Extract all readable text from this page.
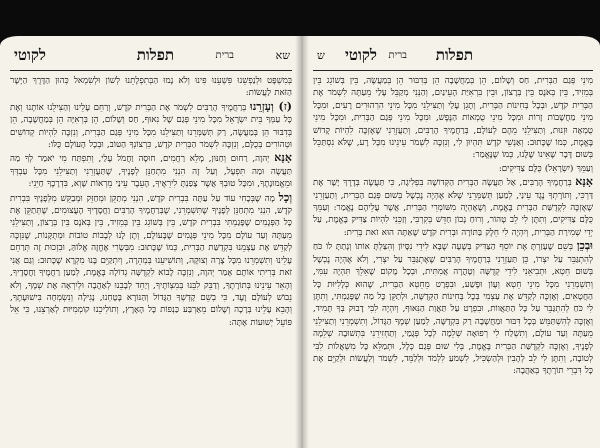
שא
ברית
תפלות
לקוטי

בְּמִשְׁפָּט וּלְנַפְשֵׁנוּ פִּשְׁעֵנוּ פִּינוּ וְלֹא נָמוּ הַבְּתִפְלָתֵנוּ לְשׁוֹן וּלְשִׂמְאל כְּהוּן הַדֶּרֶךְ הַיָּשָׁר הַזֹּאת לַעֲשׂוֹת:

(ז) וְעָזְרֵנוּ בְּרַחֲמֶיךָ הָרַבִּים לִשְׁמֹר אֶת הַבְּרִית קֹדֶשׁ, וְרַחֵם עָלֵינוּ וְהַצִּילֵנוּ אוֹתָנוּ וְאֶת כָּל עַמְּךָ בֵּית יִשְׂרָאֵל מִכָּל מִינֵי פְּגַם שֶׁל נִאוּף, חַס וְשָׁלוֹם, הֵן בְּרְאִיָּה הֵן בְּמַחֲשָׁבָה, הֵן בְּדִבּוּר הֵן בְּמַעֲשֶׂה, רַק תְּשַׁמְּרֵנוּ וְתַצִּילֵנוּ מִכָּל מִינֵי פְּגַם הַבְּרִית, וְנִזְכֶּה לִהְיוֹת קְדוֹשִׁים וּטְהוֹרִים בְּכֻלָּם, וְנִזְכֶּה לִשְׁמֹר הַבְּרִית קֹדֶשׁ, כִּרְצוֹנְךָ הַטּוֹב, וּבְכָל הָעוֹלָם כֻּלּוֹ:

אָנָּא יְהוָה, רַחוּם וְחַנּוּן, מָלֵא רַחֲמִים, חוּסָה וַחֲמֹל עָלַי, וְתִפְתַּח מִי יֹאמַר לְךָ מַה תַּעֲשֶׂה וּמַה תִּפְעָל, וְעַל זֶה הִנְנִי מִתְחַנֵּן לְפָנֶיךָ, שֶׁתַּעֲזְרֵנִי וְתַצִּילֵנִי מִכָּל עַבְדְּךָ וּמֵאֱמוּנָתֶךָ, וּמִכָּל טוּבְךָ אֲשֶׁר צָפַנְתָּ לִירֵאֶיךָ, הָעֵבֶר עֵינַי מֵרְאוֹת שָׁוְא, בִּדְרָכֶךָ חַיֵּנִי:

וְכָל מָה שֶׁבְּכָחִי עוֹד עַל עַתָּה בִּבְרִית קֹדֶשׁ, הִנְנִי מְתַקֵּן וּמְחַזֵּק וּמְבַקֵּשׁ מִלְּפָנֶיךָ בִּבְרִית קֹדֶשׁ, הִנְנִי מִתְחַנֵּן לְפָנֶיךָ שֶׁתִּשְׁמְרֵנִי, שֶׁבְּרַחֲמֶיךָ הָרַבִּים וַחֲסָדֶיךָ הָעֲצוּמִים, שֶׁתְּתַקֵּן אֶת כָּל הַפְּגָמִים שֶׁפָּגַמְתִּי בִּבְרִית קֹדֶשׁ, בֵּין בְּשׁוֹגֵג בֵּין בְּמֵזִיד, בֵּין בְּאֹנֶס בֵּין בְּרָצוֹן, וְתַצִּילֵנִי מֵעַתָּה וְעַד עוֹלָם מִכָּל מִינֵי פְּגָמִים שֶׁבָּעוֹלָם, וְתֶן לָנוּ לְבָבוֹת טוֹבוֹת וּמְתֻקָּנוֹת, שֶׁנִּזְכֶּה לְקַדֵּשׁ אֶת עַצְמֵנוּ בִּקְדֻשַּׁת הַבְּרִית, כְּמוֹ שֶׁכָּתוּב: מִבְּשָׂרִי אֶחֱזֶה אֱלוֹהַּ, וּבִזְכוּת זֶה תְּרַחֵם עָלֵינוּ וְתִשְׁמְרֵנוּ מִכָּל צָרָה וְצוּקָה, וְתוֹשִׁיעֵנוּ בְּמְהֵרָה, וְיִתְקַיֵּם בָּנוּ מִקְרָא שֶׁכָּתוּב: וְגַם אֲנִי זֹאת בְּרִיתִי אוֹתָם אָמַר יְהוָה, וְנִזְכֶּה לָבוֹא לִקְדֻשָּׁה גְדוֹלָה בֶּאֱמֶת, לְמַעַן רַחֲמֶיךָ וַחֲסָדֶיךָ, וְהָאֵר עֵינֵינוּ בְּתוֹרָתֶךָ, וְדַבֵּק לִבֵּנוּ בְּמִצְוֹתֶיךָ, וְיַחֵד לְבָבֵנוּ לְאַהֲבָה וּלְיִרְאָה אֶת שְׁמֶךָ, וְלֹא נֵבוֹשׁ לְעוֹלָם וָעֶד, כִּי בְשֵׁם קָדְשְׁךָ הַגָּדוֹל וְהַנּוֹרָא בָּטָחְנוּ, נָגִילָה וְנִשְׂמְחָה בִּישׁוּעָתֶךָ, וְהָבֵא עָלֵינוּ בְּרָכָה וְשָׁלוֹם מֵאַרְבַּע כַּנְפוֹת כָּל הָאָרֶץ, וְתוֹלִיכֵנוּ קוֹמְמִיּוּת לְאַרְצֵנוּ, כִּי אֵל פּוֹעֵל יְשׁוּעוֹת אָתָּה:

לקוטי	תפלות
ברית
ש

מִינֵי פְּגַם הַבְּרִית, חַס וְשָׁלוֹם, הֵן בְּמַחֲשָׁבָה הֵן בְּדִבּוּר הֵן בְּמַעֲשֶׂה, בֵּין בְּשׁוֹגֵג בֵּין בְּמֵזִיד, בֵּין בְּאֹנֶס בֵּין בְּרָצוֹן, וּבֵין בִּרְאִיַּת הָעֵינַיִם, וְהַנְּנִי מְקַבֵּל עָלַי מֵעַתָּה לִשְׁמֹר אֶת הַבְּרִית קֹדֶשׁ, וּבְכָל בְּחִינוֹת הַבְּרִית, וְתָגֵן עָלַי וְתַצִּילֵנִי מִכָּל מִינֵי הִרְהוּרִים רָעִים, וּמִכָּל מִינֵי מַחֲשָׁבוֹת זָרוֹת וּמִכָּל מִינֵי טֻמְאוֹת הַנֶּפֶשׁ, וּמִכָּל מִינֵי פְּגַם הַבְּרִית, וּמִכָּל מִינֵי טֻמְאָה וּזְנוּת, וְתַצִּילֵנִי מֵהֶם לְעוֹלָם, בְּרַחֲמֶיךָ הָרַבִּים, וְתַעֲזְרֵנִי שֶׁאֶזְכֶּה לִהְיוֹת קָדוֹשׁ בֶּאֱמֶת, כְּמוֹ שֶׁכָּתוּב: וְאַנְשֵׁי קֹדֶשׁ תִּהְיוּן לִי, וְנִזְכֶּה לִשְׁמֹר עֵינֵינוּ מִכָּל רָע, שֶׁלֹּא נִסְתַּכֵּל בְּשׁוּם דָּבָר שֶׁאֵינוֹ שֶׁלָּנוּ, כְּמוֹ שֶׁנֶּאֱמַר:

וְעַמֵּךְ (יִשְׂרָאֵל) כֻּלָּם צַדִּיקִים:

אָנָּא בְּרַחֲמֶיךָ הָרַבִּים, אַל תַּעֲשֶׂה הַבְּרִית הַקְּדוֹשָׁה בִּפְלִיגָה, כִּי תַּעֲשֶׂה בְּדֶרֶךְ יָשָׁר אֶת דַּרְכִּי, וְתוֹרָתְךָ נֶגֶד עֵינַי, לְמַעַן תְּשַׁמְּרֵנִי שֶׁלֹּא אֶהְיֶה נֶכְשָׁל בְּשׁוּם פְּגַם הַבְּרִית, וְתַעַזְרֵנִי שֶׁאֶזְכֶּה לִקְדֻשַּׁת הַבְּרִית בֶּאֱמֶת, וְשֶׁאֶהְיֶה מִשּׁוֹמְרֵי הַבְּרִית, אֲשֶׁר עֲלֵיהֶם נֶאֱמַר: וְעַמֵּךְ כֻּלָּם צַדִּיקִים, וְתִתֶּן לִי לֵב טָהוֹר, וְרוּחַ נָכוֹן חַדֵּשׁ בְּקִרְבִּי, וְזַכֵּנִי לִהְיוֹת צַדִּיק בֶּאֱמֶת, עַל יְדֵי שְׁמִירַת הַבְּרִית, וְיִהְיֶה לִי חֵלֶק בַּתּוֹרָה וּבְרִית קֹדֶשׁ שֶׁאַתָּה הוּא זֹאת בְּרִית:

וּבְכֵן בְּשֵׁם שֶׁעָזַרְתָּ אֶת יוֹסֵף הַצַּדִּיק בְּשָׁעָה שֶׁבָּא לִידֵי נִסָּיוֹן וְהִצַּלְתָּ אוֹתוֹ וְנָתַתָּ לוֹ כֹּחַ לְהִתְגַּבֵּר עַל יִצְרוֹ, כֵּן תַּעַזְרֵנִי בְּרַחֲמֶיךָ הָרַבִּים שֶׁאֶתְגַּבֵּר עַל יִצְרִי, וְלֹא אֶהְיֶה נֶכְשָׁל בְּשׁוּם חֵטְא, וּתְבִיאֵנִי לִידֵי קְדֻשָּׁה וְטָהֳרָה אֲמִתִּית, וּבְכָל מָקוֹם שֶׁאֵלֵךְ תִּהְיֶה עִמִּי, וְתִשְׁמְרֵנִי מִכָּל מִינֵי חֵטְא וְעָוֹן וּפֶשַׁע, וּבִפְרָט מֵחֵטְא הַבְּרִית, שֶׁהוּא כְּלָלִיּוּת כָּל הַחֲטָאִים, וְאֶזְכֶּה לְקַדֵּשׁ אֶת עַצְמִי בְּכָל בְּחִינוֹת הַקְּדֻשָּׁה, וּלְתַקֵּן כָּל מַה שֶׁפָּגַמְתִּי, וְתִתֶּן לִי כֹּחַ לְהִתְגַּבֵּר עַל כָּל הַתַּאֲווֹת, וּבִפְרָט עַל תַּאֲוַת הַנִּאוּף, וְיִהְיֶה לִבִּי דָבוּק בְּךָ תָּמִיד, וְאֶזְכֶּה לְהִשְׁתַּמֵּשׁ בְּכָל דִּבּוּר וּמַחֲשָׁבָה רַק בִּקְדֻשָּׁה, לְמַעַן שְׁמֶךָ הַגָּדוֹל, וְתִשְׁמְרֵנִי וְתַצִּילֵנִי מֵעַתָּה וְעַד עוֹלָם, וְתִשְׁלַח לִי רְפוּאָה שְׁלֵמָה לְכָל פְּגָמַי, וְתַחְזִירֵנִי בִּתְשׁוּבָה שְׁלֵמָה לְפָנֶיךָ, וְאֶזְכֶּה לִקְדֻשַּׁת הַבְּרִית בֶּאֱמֶת, בְּלִי שׁוּם פְּגַם כְּלָל, וּתְמַלֵּא כָּל מִשְׁאֲלוֹת לִבִּי לְטוֹבָה, וְתִתֶּן לִי לֵב לְהָבִין וּלְהַשְׂכִּיל, לִשְׁמֹעַ לִלְמֹד וּלְלַמֵּד, לִשְׁמֹר וְלַעֲשׂוֹת וּלְקַיֵּם אֶת כָּל דִּבְרֵי תוֹרָתֶךָ בְּאַהֲבָה:
